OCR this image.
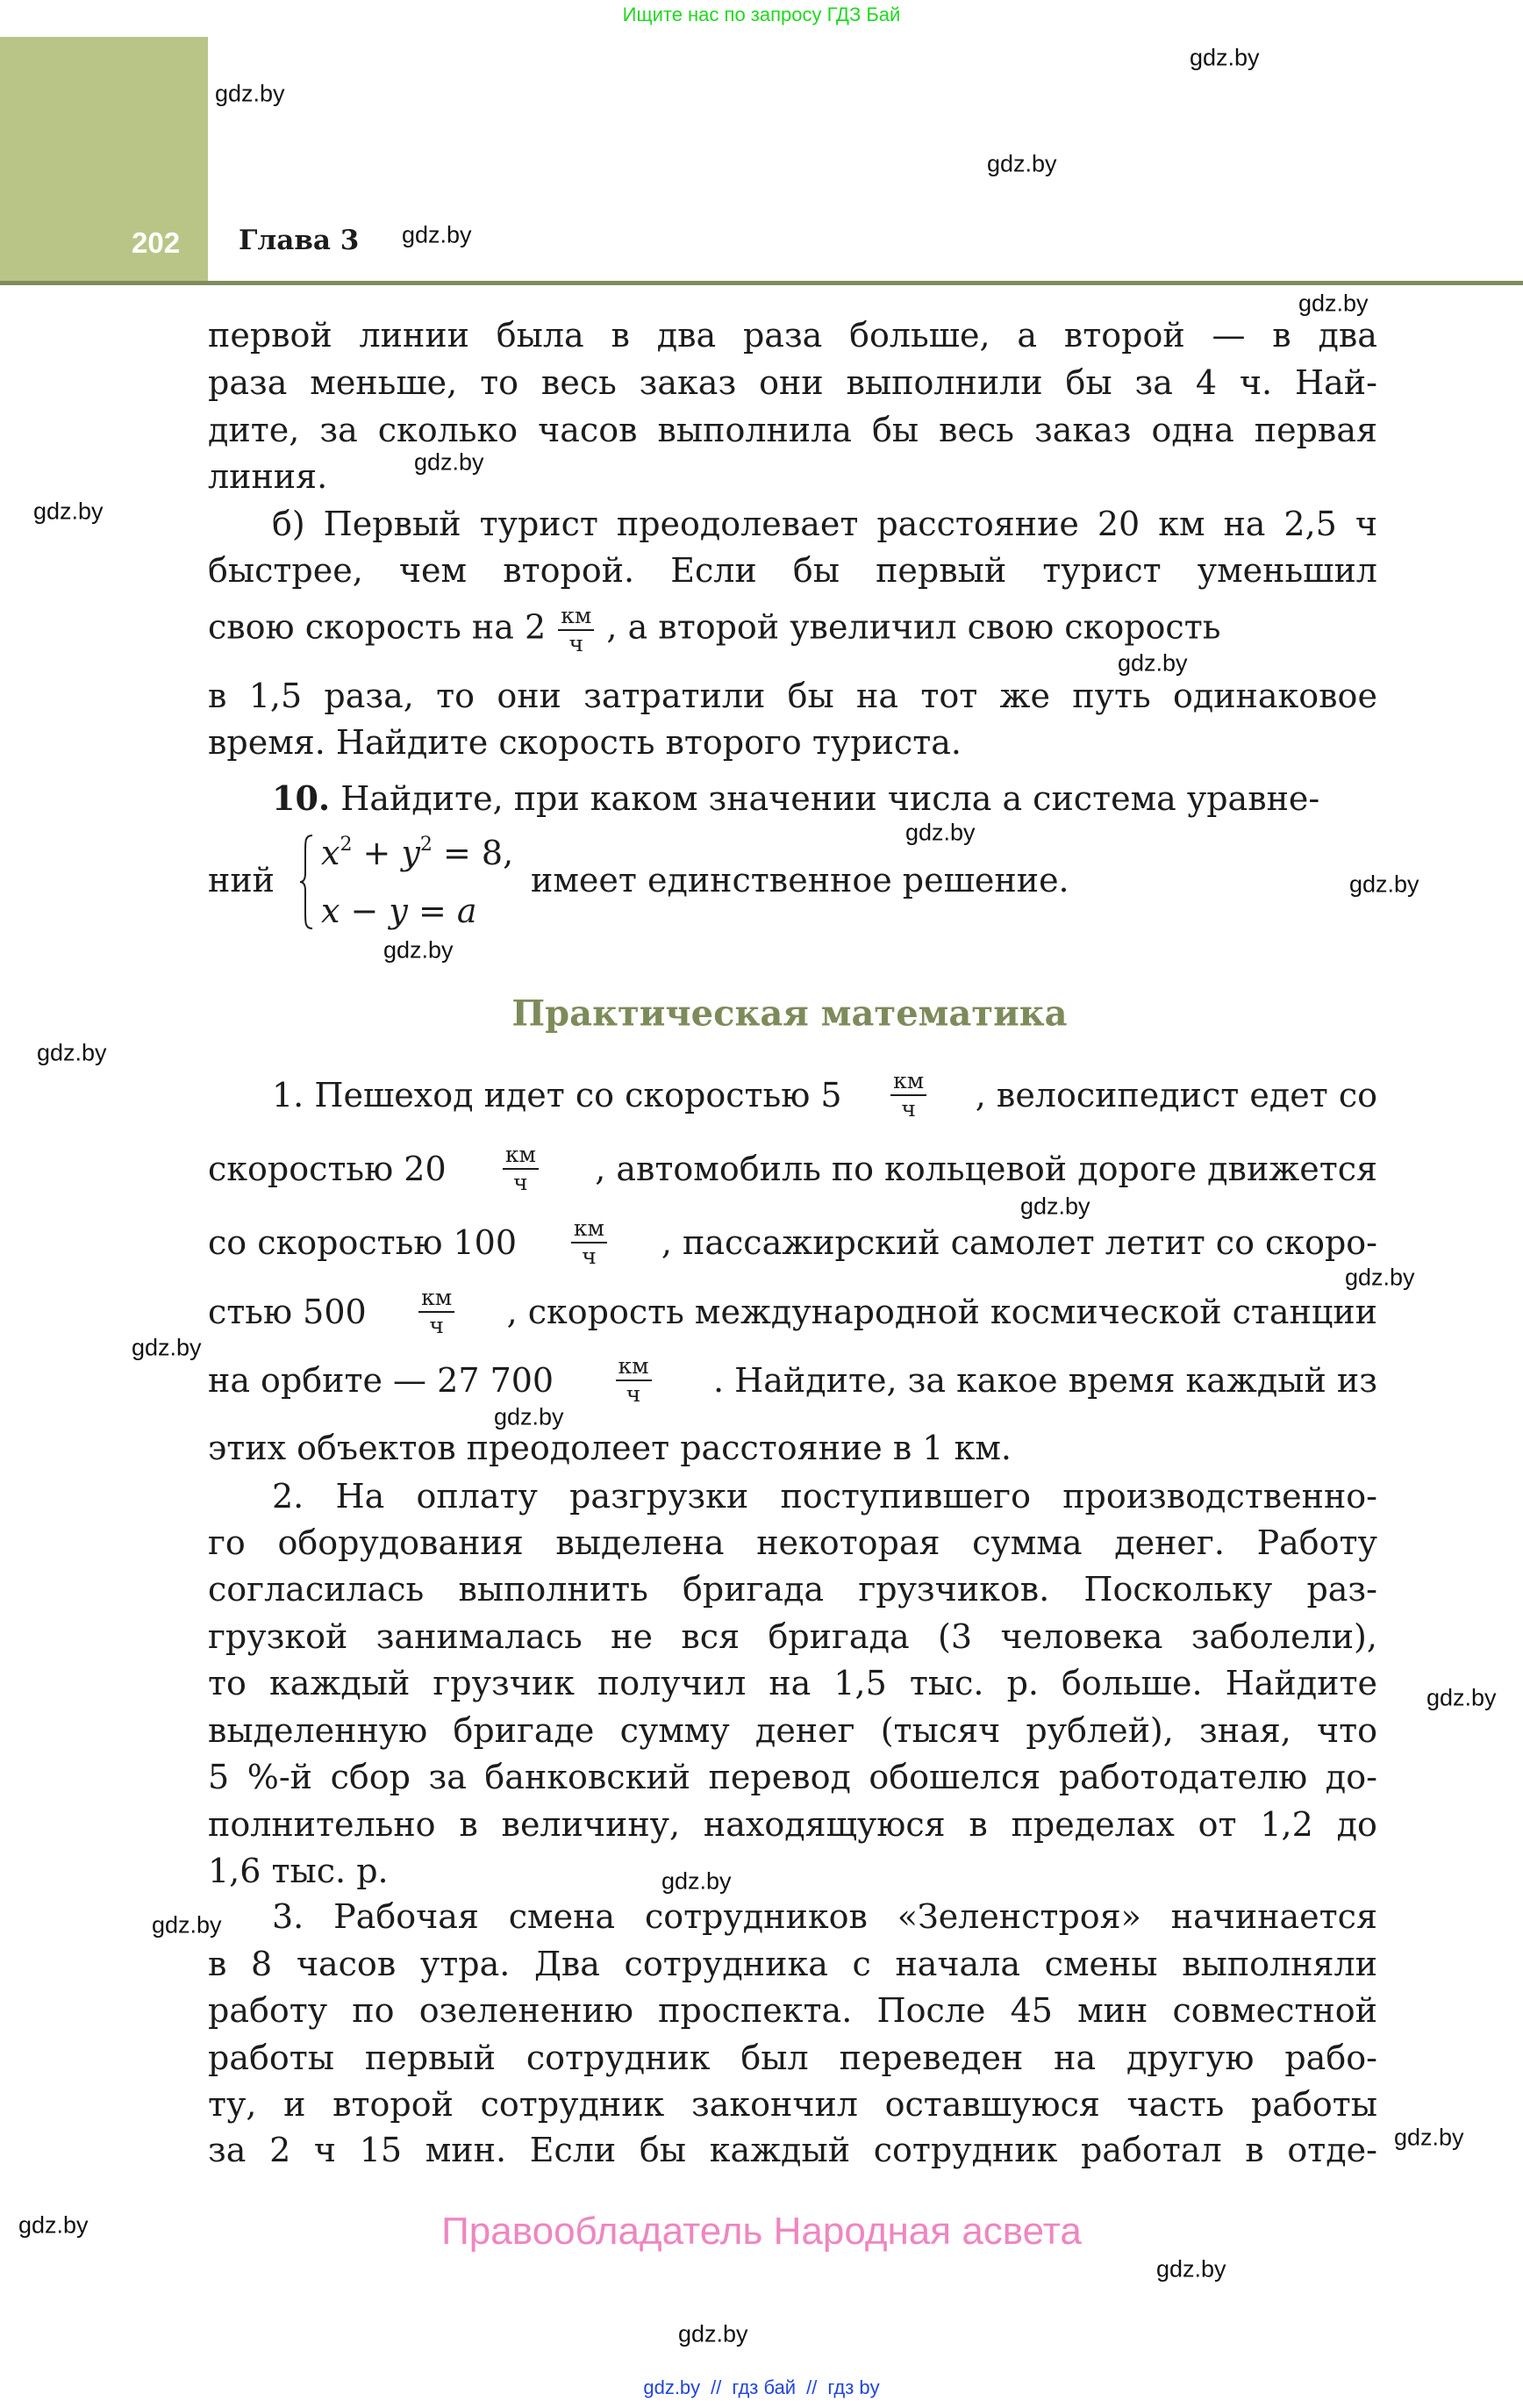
Ищите нас по запросу ГДЗ Бай
202 Глава 3
первой линии была в два раза больше, а второй — в два
раза меньше, то весь заказ они выполнили бы за 4 ч. Най-
дите, за сколько часов выполнила бы весь заказ одна первая
линия.
б) Первый турист преодолевает расстояние 20 км на 2,5 ч
быстрее, чем второй. Если бы первый турист уменьшил
свою скорость на $2 \frac{км}{ч}$ , а второй увеличил свою скорость
в 1,5 раза, то они затратили бы на тот же путь одинаковое
время. Найдите скорость второго туриста.
10. Найдите, при каком значении числа a система уравне-
ний
$x^2 + y^2 = 8$,
x − y = a
имеет единственное решение.
Практическая математика
1. Пешеход идет со скоростью $5 \frac{км}{ч}$ , велосипедист едет со
скоростью 20	$\frac{км}{ч}$ , автомобиль по кольцевой дороге движется
со скоростью $100 \frac{км}{ч}$ , пассажирский самолет летит со скоро-
стью $500 \frac{км}{ч}$ , скорость международной космической станции
на орбите — 27 700	$\frac{км}{ч}$ . Найдите, за какое время каждый из
этих объектов преодолеет расстояние в 1 км.
2. На оплату разгрузки поступившего производственно-
го оборудования выделена некоторая сумма денег. Работу
согласилась выполнить бригада грузчиков. Поскольку раз-
грузкой занималась не вся бригада (3 человека заболели),
то каждый грузчик получил на 1,5 тыс. р. больше. Найдите
выделенную бригаде сумму денег (тысяч рублей), зная, что
5 %-й сбор за банковский перевод обошелся работодателю до-
полнительно в величину, находящуюся в пределах от 1,2 до
1,6 тыс. р.
3. Рабочая смена сотрудников «Зеленстроя» начинается
в 8 часов утра. Два сотрудника с начала смены выполняли
работу по озеленению проспекта. После 45 мин совместной
работы первый сотрудник был переведен на другую рабо-
ту, и второй сотрудник закончил оставшуюся часть работы
за 2 ч 15 мин. Если бы каждый сотрудник работал в отде-
Правообладатель Народная асвета
gdz.by // гдз бай // гдз by
gdz.by
gdz.by
gdz.by
gdz.by
gdz.by
gdz.by
gdz.by
gdz.by
gdz.by
gdz.by
gdz.by
gdz.by
gdz.by
gdz.by
gdz.by
gdz.by
gdz.by
gdz.by
gdz.by
gdz.by
gdz.by
gdz.by
gdz.by
